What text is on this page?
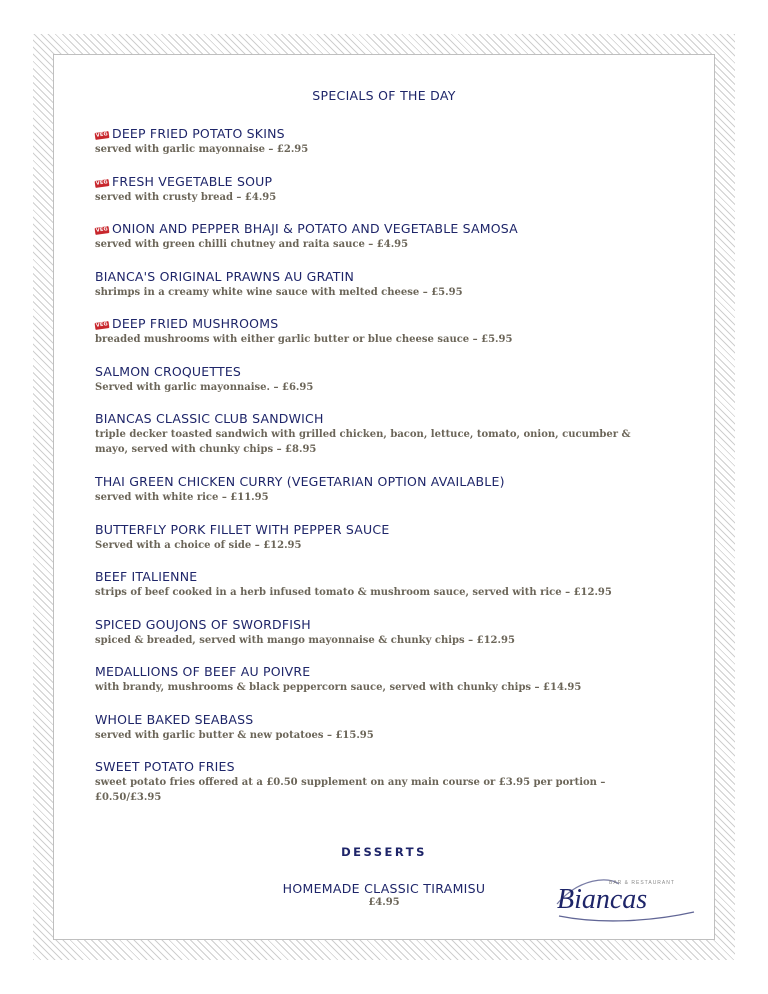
SPECIALS OF THE DAY
VEG DEEP FRIED POTATO SKINS
served with garlic mayonnaise – £2.95
VEG FRESH VEGETABLE SOUP
served with crusty bread – £4.95
VEG ONION AND PEPPER BHAJI & POTATO AND VEGETABLE SAMOSA
served with green chilli chutney and raita sauce – £4.95
BIANCA'S ORIGINAL PRAWNS AU GRATIN
shrimps in a creamy white wine sauce with melted cheese – £5.95
VEG DEEP FRIED MUSHROOMS
breaded mushrooms with either garlic butter or blue cheese sauce – £5.95
SALMON CROQUETTES
Served with garlic mayonnaise. – £6.95
BIANCAS CLASSIC CLUB SANDWICH
triple decker toasted sandwich with grilled chicken, bacon, lettuce, tomato, onion, cucumber & mayo, served with chunky chips – £8.95
THAI GREEN CHICKEN CURRY (VEGETARIAN OPTION AVAILABLE)
served with white rice – £11.95
BUTTERFLY PORK FILLET WITH PEPPER SAUCE
Served with a choice of side – £12.95
BEEF ITALIENNE
strips of beef cooked in a herb infused tomato & mushroom sauce, served with rice – £12.95
SPICED GOUJONS OF SWORDFISH
spiced & breaded, served with mango mayonnaise & chunky chips – £12.95
MEDALLIONS OF BEEF AU POIVRE
with brandy, mushrooms & black peppercorn sauce, served with chunky chips – £14.95
WHOLE BAKED SEABASS
served with garlic butter & new potatoes – £15.95
SWEET POTATO FRIES
sweet potato fries offered at a £0.50 supplement on any main course or £3.95 per portion – £0.50/£3.95
DESSERTS
HOMEMADE CLASSIC TIRAMISU
£4.95
BAR & RESTAURANT
Biancas
